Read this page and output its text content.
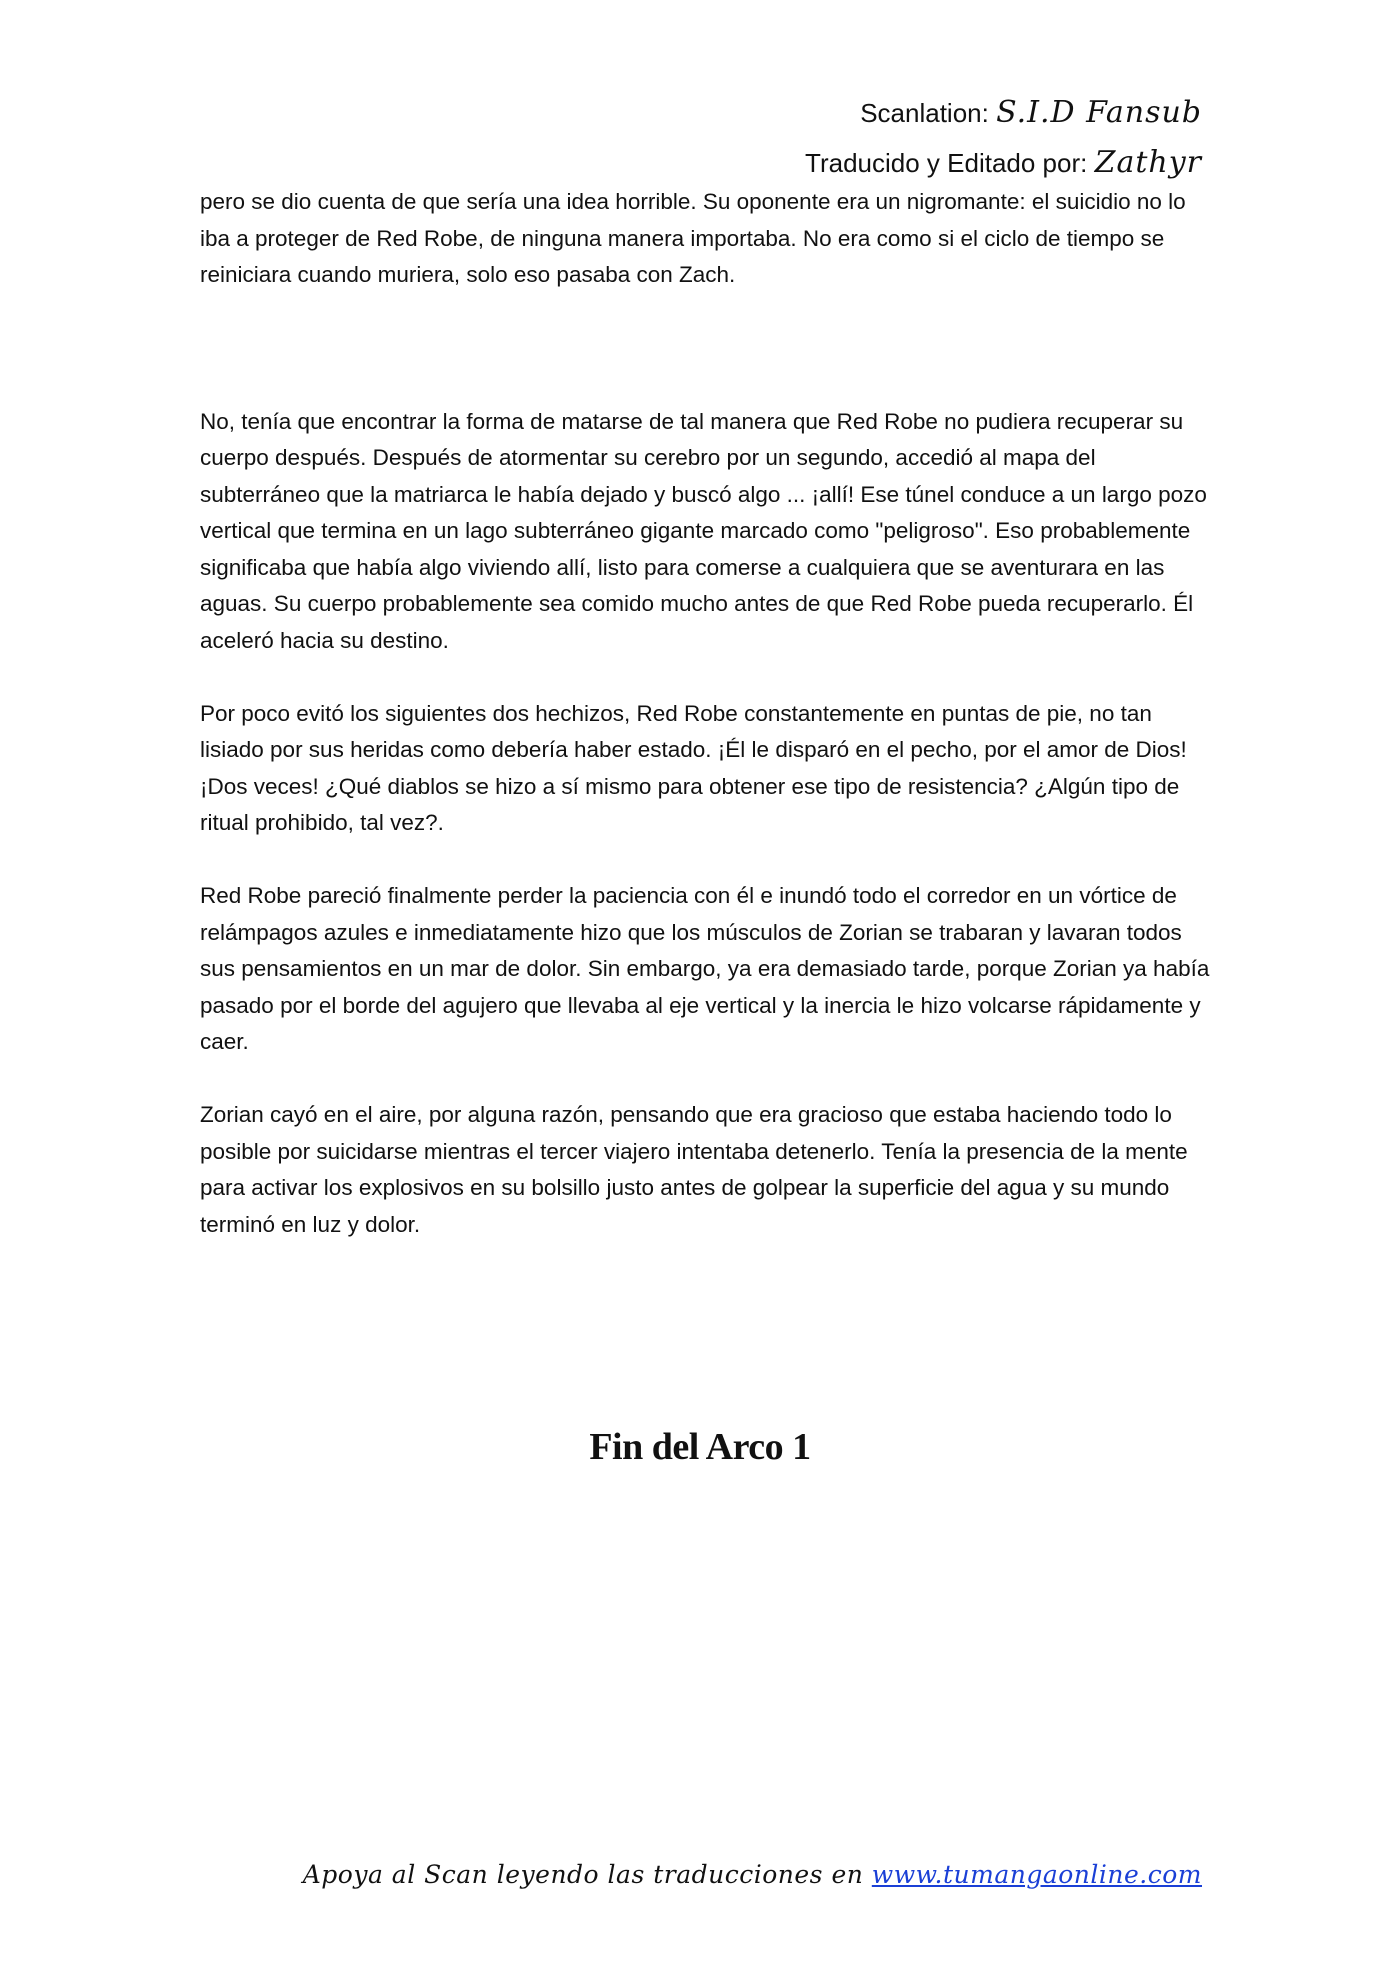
Scanlation: S.I.D Fansub
Traducido y Editado por: Zathyr

pero se dio cuenta de que sería una idea horrible. Su oponente era un nigromante: el suicidio no lo iba a proteger de Red Robe, de ninguna manera importaba. No era como si el ciclo de tiempo se reiniciara cuando muriera, solo eso pasaba con Zach.

No, tenía que encontrar la forma de matarse de tal manera que Red Robe no pudiera recuperar su cuerpo después. Después de atormentar su cerebro por un segundo, accedió al mapa del subterráneo que la matriarca le había dejado y buscó algo ... ¡allí! Ese túnel conduce a un largo pozo vertical que termina en un lago subterráneo gigante marcado como "peligroso". Eso probablemente significaba que había algo viviendo allí, listo para comerse a cualquiera que se aventurara en las aguas. Su cuerpo probablemente sea comido mucho antes de que Red Robe pueda recuperarlo. Él aceleró hacia su destino.

Por poco evitó los siguientes dos hechizos, Red Robe constantemente en puntas de pie, no tan lisiado por sus heridas como debería haber estado. ¡Él le disparó en el pecho, por el amor de Dios! ¡Dos veces! ¿Qué diablos se hizo a sí mismo para obtener ese tipo de resistencia? ¿Algún tipo de ritual prohibido, tal vez?.

Red Robe pareció finalmente perder la paciencia con él e inundó todo el corredor en un vórtice de relámpagos azules e inmediatamente hizo que los músculos de Zorian se trabaran y lavaran todos sus pensamientos en un mar de dolor. Sin embargo, ya era demasiado tarde, porque Zorian ya había pasado por el borde del agujero que llevaba al eje vertical y la inercia le hizo volcarse rápidamente y caer.

Zorian cayó en el aire, por alguna razón, pensando que era gracioso que estaba haciendo todo lo posible por suicidarse mientras el tercer viajero intentaba detenerlo. Tenía la presencia de la mente para activar los explosivos en su bolsillo justo antes de golpear la superficie del agua y su mundo terminó en luz y dolor.

Fin del Arco 1
Apoya al Scan leyendo las traducciones en www.tumangaonline.com
